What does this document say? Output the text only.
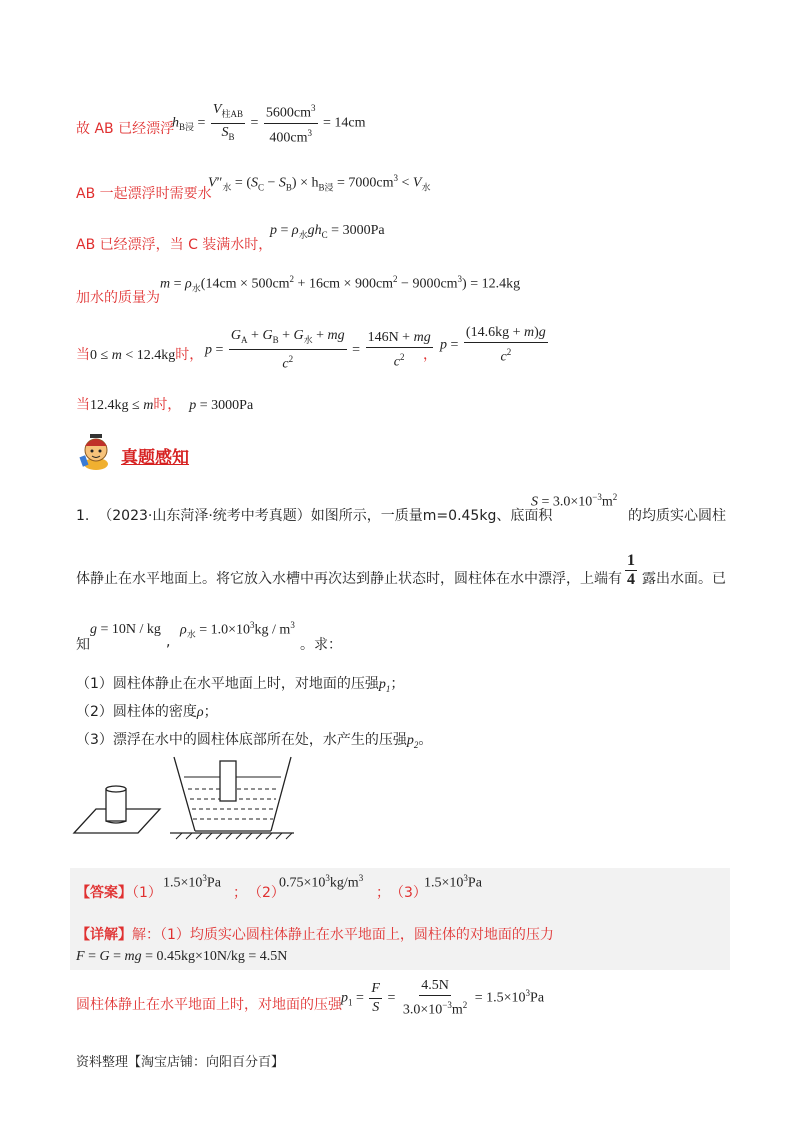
故 AB 已经漂浮
$h_{B浸} = \frac{V_{柱AB}}{S_B} = \frac{5600cm^3}{400cm^3} = 14cm$
AB 一起漂浮时需要水
$V''_水 = (S_C - S_B) \times h_{B浸} = 7000cm^3 < V_水$
AB 已经漂浮，当 C 装满水时，
$p = \rho_水gh_C = 3000Pa$
加水的质量为
$m = \rho_水(14cm \times 500cm^2 + 16cm \times 900cm^2 - 9000cm^3) = 12.4kg$
当0 ≤ m < 12.4kg时， $p = \frac{G_A + G_B + G_水 + mg}{c^2} = \frac{146N + mg}{c^2}$
，
$p = \frac{(14.6kg + m)g}{c^2}$
当12.4kg ≤ m时， p = 3000Pa
真题感知
1. （2023·山东菏泽·统考中考真题）如图所示，一质量m=0.45kg、底面积
$S = 3.0\times 10^{-3}m^2$
的均质实心圆柱
体静止在水平地面上。将它放入水槽中再次达到静止状态时，圆柱体在水中漂浮，上端有 $\frac{1}{4}$ 露出水面。已
知
g = 10N / kg
,
$\rho_水 = 1.0\times 10^3kg / m^3$
。求：
（1）圆柱体静止在水平地面上时，对地面的压强$p_1$；
（2）圆柱体的密度ρ；
（3）漂浮在水中的圆柱体底部所在处，水产生的压强$p_2$。
【答案】（1）
$1.5\times 10^3Pa$
； （2）
$0.75\times 10^3kg/m^3$
； （3）
$1.5\times 10^3Pa$
【详解】解：（1）均质实心圆柱体静止在水平地面上，圆柱体的对地面的压力
F = G = mg = 0.45kg×10N/kg = 4.5N
圆柱体静止在水平地面上时，对地面的压强 $p_1 = \frac{F}{S} = \frac{4.5N}{3.0\times 10^{-3}m^2} = 1.5\times 10^3Pa$
资料整理【淘宝店铺：向阳百分百】
